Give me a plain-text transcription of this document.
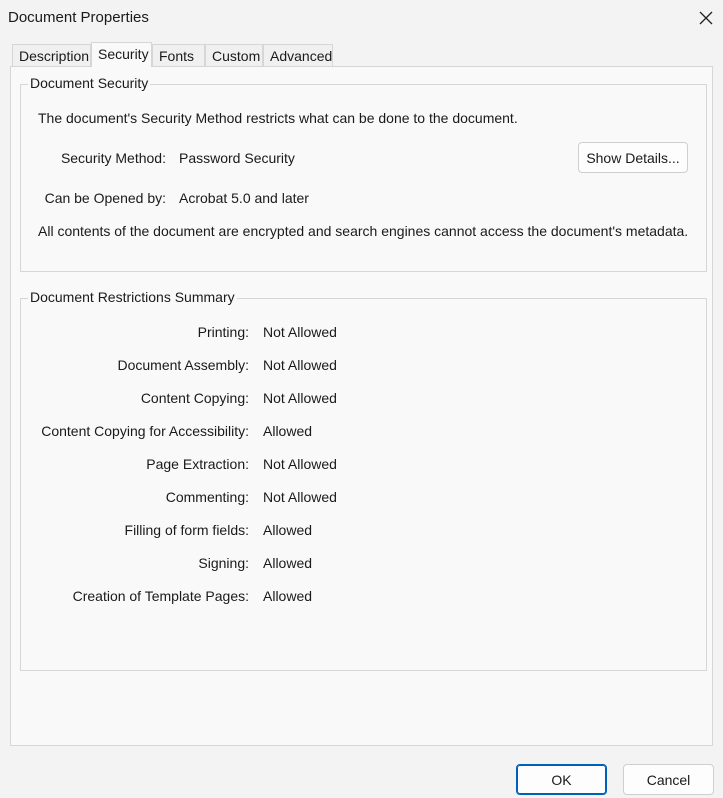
Document Properties
Description Security Fonts	Custom Advanced
Document Security
The document's Security Method restricts what can be done to the document.
Security Method: Password Security	Show Details...
Can be Opened by: Acrobat 5.0 and later
All contents of the document are encrypted and search engines cannot access the document's metadata.
Document Restrictions Summary
Printing: Not Allowed
Document Assembly: Not Allowed
Content Copying: Not Allowed
Content Copying for Accessibility: Allowed
Page Extraction: Not Allowed
Commenting: Not Allowed
Filling of form fields: Allowed
Signing: Allowed
Creation of Template Pages: Allowed
OK	Cancel
